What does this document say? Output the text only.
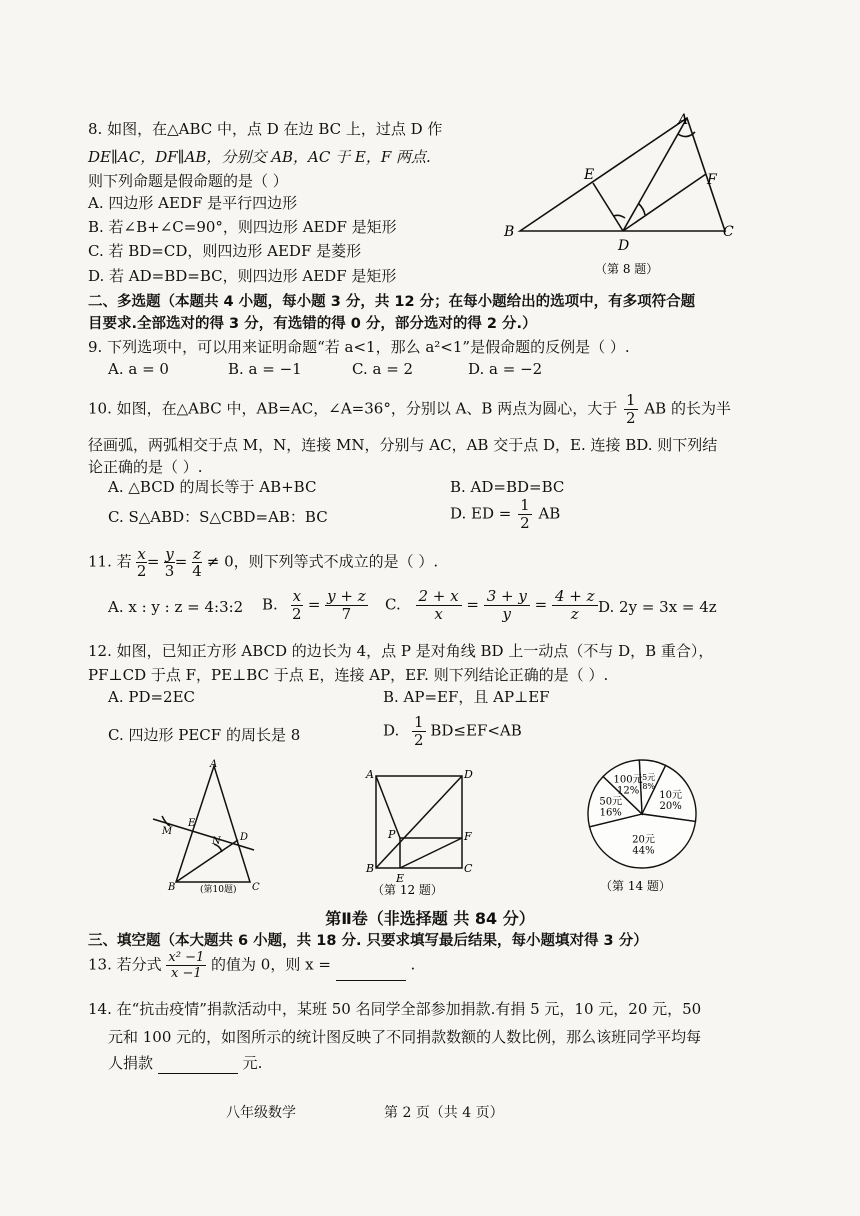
8. 如图，在△ABC 中，点 D 在边 BC 上，过点 D 作
DE∥AC，DF∥AB，分别交 AB，AC 于 E，F 两点.
则下列命题是假命题的是（ ）
A. 四边形 AEDF 是平行四边形
B. 若∠B+∠C=90°，则四边形 AEDF 是矩形
C. 若 BD=CD，则四边形 AEDF 是菱形
D. 若 AD=BD=BC，则四边形 AEDF 是矩形
A
B	C
D
E	F
（第 8 题）
二、多选题（本题共 4 小题，每小题 3 分，共 12 分；在每小题给出的选项中，有多项符合题
目要求.全部选对的得 3 分，有选错的得 0 分，部分选对的得 2 分.）
9. 下列选项中，可以用来证明命题“若 a<1，那么 a²<1”是假命题的反例是（ ）.
A. a = 0	B. a = −1	C. a = 2	D. a = −2
10. 如图，在△ABC 中，AB=AC，∠A=36°，分别以 A、B 两点为圆心，大于 $\frac{1}{2}$ AB 的长为半
径画弧，两弧相交于点 M，N，连接 MN，分别与 AC，AB 交于点 D，E. 连接 BD. 则下列结
论正确的是（ ）.
A. △BCD 的周长等于 AB+BC	B. AD=BD=BC
C. S△ABD：S△CBD=AB：BC	D. ED = $\frac{1}{2}$ AB
11. 若 $\frac{x}{2} = \frac{y}{3} = \frac{z}{4} \ne 0$，则下列等式不成立的是（ ）.
A. x : y : z = 4:3:2 B. $\frac{x}{2} = \frac{y + z}{7} C$. $\frac{2 + x}{x} = \frac{3 + y}{y} = \frac{4 + z}{z} D$. 2y = 3x = 4z
12. 如图，已知正方形 ABCD 的边长为 4，点 P 是对角线 BD 上一动点（不与 D，B 重合），
PF⊥CD 于点 F，PE⊥BC 于点 E，连接 AP，EF. 则下列结论正确的是（ ）.
A. PD=2EC	B. AP=EF，且 AP⊥EF
C. 四边形 PECF 的周长是 8	D. $\frac{1}{2} BD\le EF<AB$
A
B	C
D
E
M
N
(第10题)
A	D
B	C
P	F
E
（第 12 题）
5元
8%
10元
20%
20元
44%
50元
16%
100元
12%
（第 14 题）
第Ⅱ卷（非选择题 共 84 分）
三、填空题（本大题共 6 小题，共 18 分. 只要求填写最后结果，每小题填对得 3 分）
13. 若分式 $\frac{\text{x² −1}}{x -1}$ 的值为 0，则 x =	.
14. 在“抗击疫情”捐款活动中，某班 50 名同学全部参加捐款.有捐 5 元，10 元，20 元，50
元和 100 元的，如图所示的统计图反映了不同捐款数额的人数比例，那么该班同学平均每
人捐款	元.
八年级数学	第 2 页（共 4 页）
